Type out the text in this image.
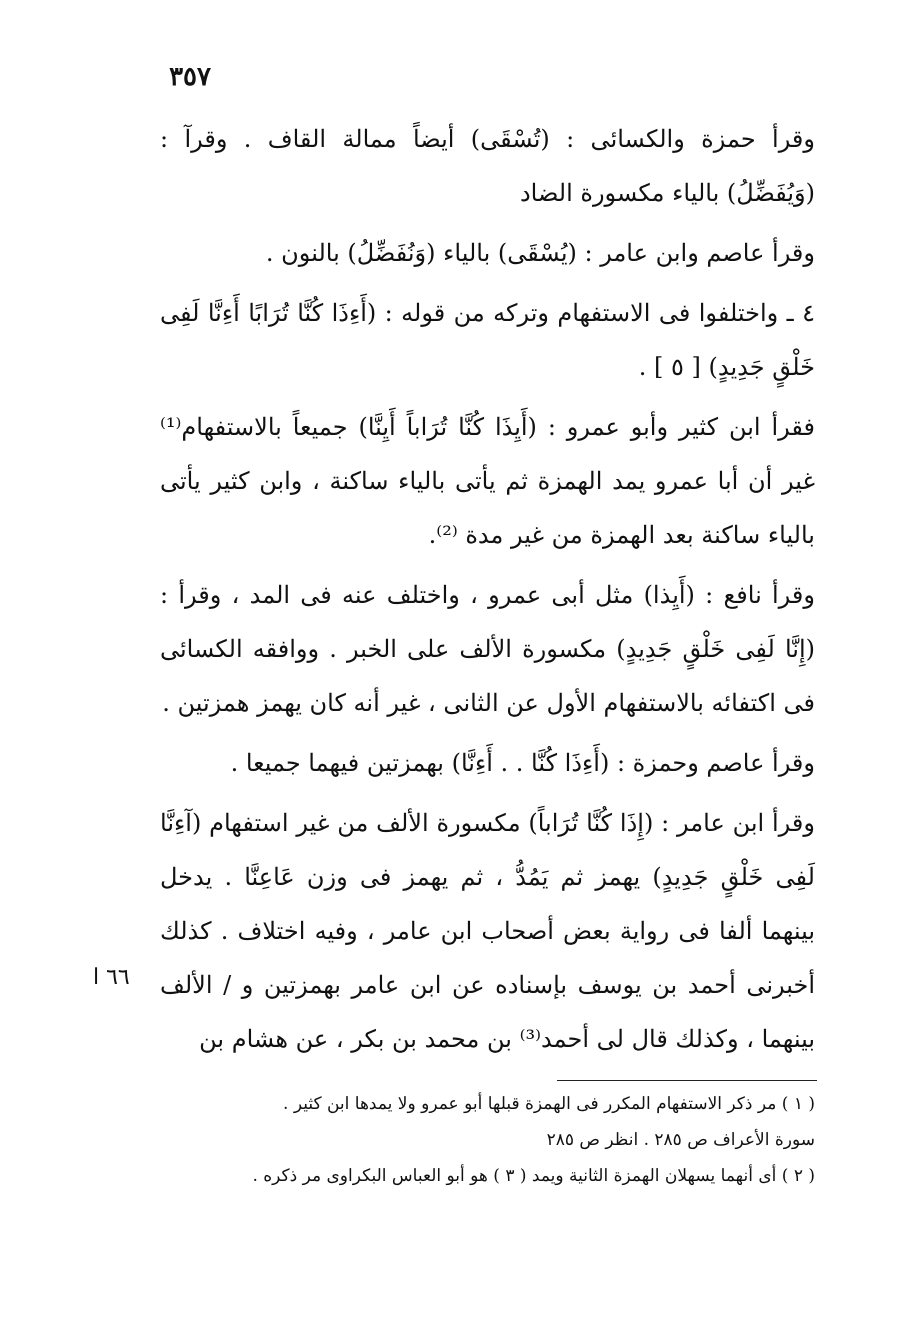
٣٥٧

وقرأ حمزة والكسائى : (تُسْقَى) أيضاً ممالة القاف . وقرآ : (وَيُفَضِّلُ) بالياء مكسورة الضاد

وقرأ عاصم وابن عامر : (يُسْقَى) بالياء (وَنُفَضِّلُ) بالنون .

٤ ـ واختلفوا فى الاستفهام وتركه من قوله : (أَءِذَا كُنَّا تُرَابًا أَءِنَّا لَفِى خَلْقٍ جَدِيدٍ) [ ٥ ] .

فقرأ ابن كثير وأبو عمرو : (أَيِذَا كُنَّا تُرَاباً أَيِنَّا) جميعاً بالاستفهام⁽¹⁾ غير أن أبا عمرو يمد الهمزة ثم يأتى بالياء ساكنة ، وابن كثير يأتى بالياء ساكنة بعد الهمزة من غير مدة ⁽²⁾.

وقرأ نافع : (أَيِذا) مثل أبى عمرو ، واختلف عنه فى المد ، وقرأ : (إِنَّا لَفِى خَلْقٍ جَدِيدٍ) مكسورة الألف على الخبر . ووافقه الكسائى فى اكتفائه بالاستفهام الأول عن الثانى ، غير أنه كان يهمز همزتين .

وقرأ عاصم وحمزة : (أَءِذَا كُنَّا . . أَءِنَّا) بهمزتين فيهما جميعا .

وقرأ ابن عامر : (إِذَا كُنَّا تُرَاباً) مكسورة الألف من غير استفهام (آءِنَّا لَفِى خَلْقٍ جَدِيدٍ) يهمز ثم يَمُدُّ ، ثم يهمز فى وزن عَاعِنَّا . يدخل بينهما ألفا فى رواية بعض أصحاب ابن عامر ، وفيه اختلاف . كذلك أخبرنى أحمد بن يوسف بإسناده عن ابن عامر بهمزتين و / الألف بينهما ، وكذلك قال لى أحمد⁽³⁾ بن محمد بن بكر ، عن هشام بن

٦٦ ا

( ١ ) مر ذكر الاستفهام المكرر فى الهمزة قبلها أبو عمرو ولا يمدها ابن كثير .

سورة الأعراف ص ٢٨٥ . انظر ص ٢٨٥

( ٢ ) أى أنهما يسهلان الهمزة الثانية ويمد ( ٣ ) هو أبو العباس البكراوى مر ذكره .
